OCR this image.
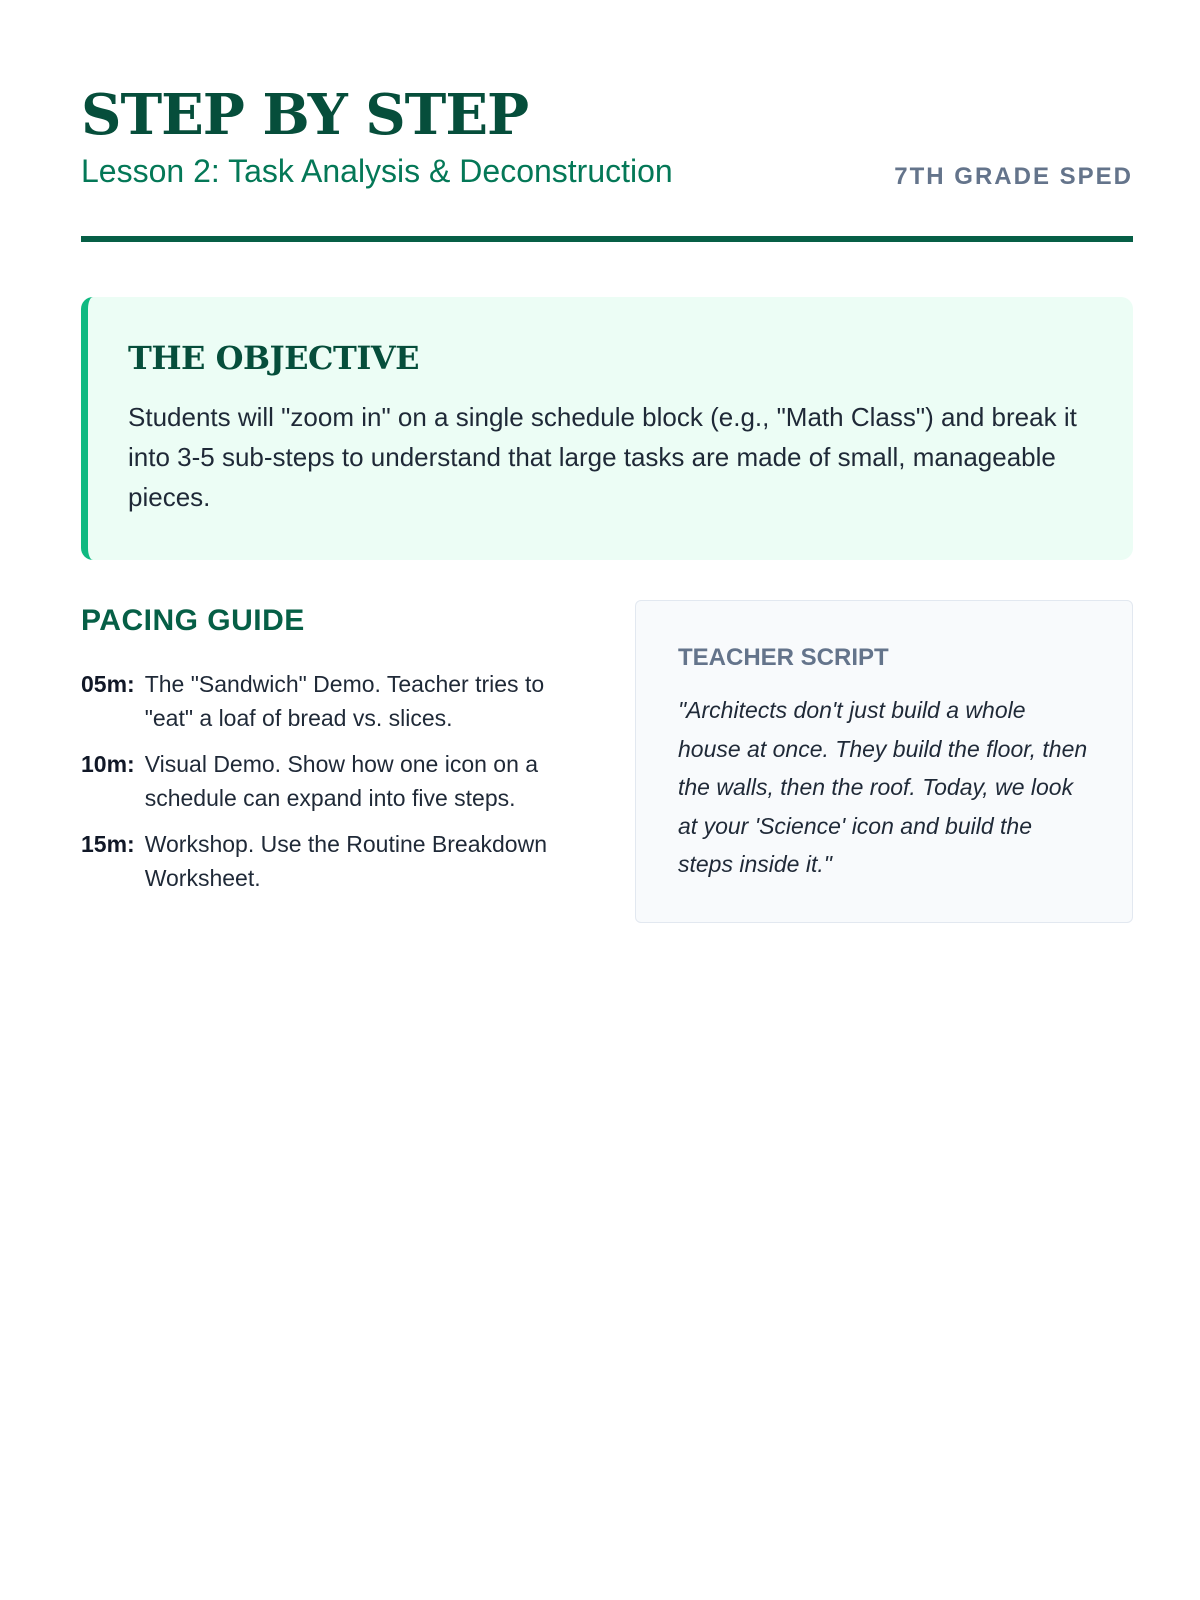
STEP BY STEP
Lesson 2: Task Analysis & Deconstruction	7TH GRADE SPED
THE OBJECTIVE
Students will "zoom in" on a single schedule block (e.g., "Math Class") and break it into 3-5 sub-steps to understand that large tasks are made of small, manageable pieces.
PACING GUIDE
05m: The "Sandwich" Demo. Teacher tries to "eat" a loaf of bread vs. slices.
10m: Visual Demo. Show how one icon on a schedule can expand into five steps.
15m: Workshop. Use the Routine Breakdown Worksheet.
TEACHER SCRIPT
"Architects don't just build a whole house at once. They build the floor, then the walls, then the roof. Today, we look at your 'Science' icon and build the steps inside it."
